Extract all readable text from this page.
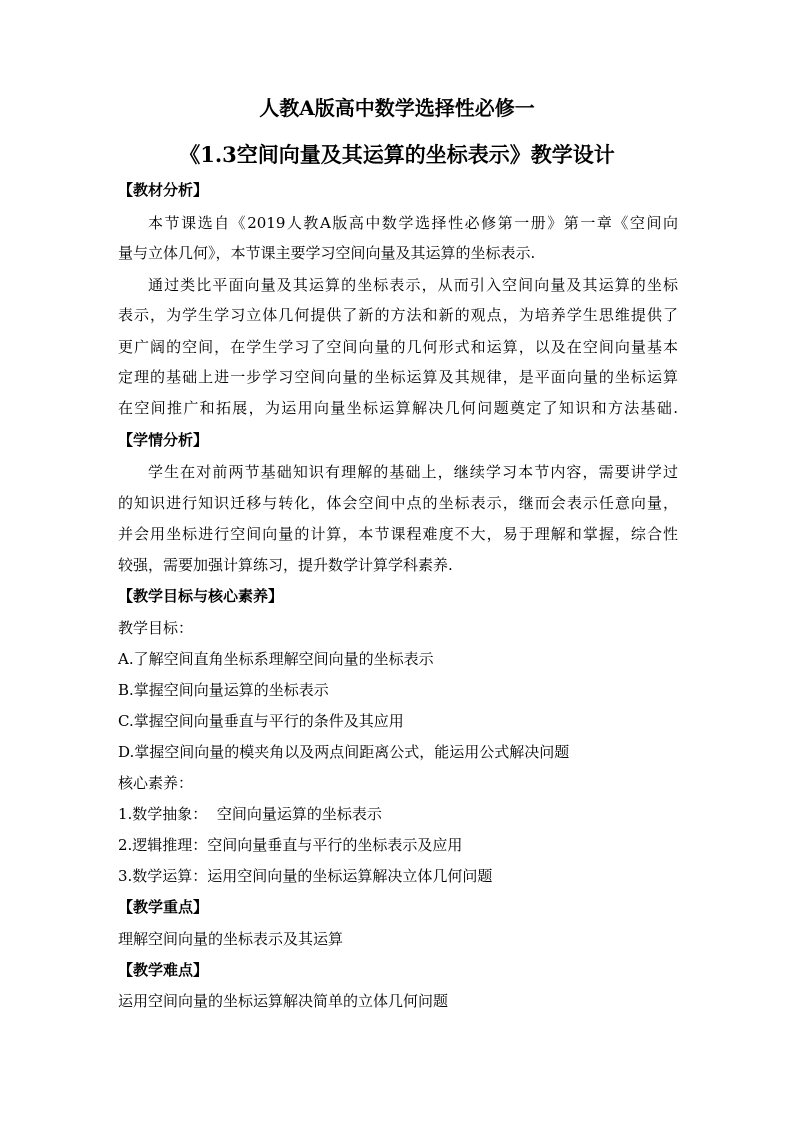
人教A版高中数学选择性必修一
《1.3空间向量及其运算的坐标表示》教学设计
【教材分析】
本节课选自《2019人教A版高中数学选择性必修第一册》第一章《空间向
量与立体几何》，本节课主要学习空间向量及其运算的坐标表示.
通过类比平面向量及其运算的坐标表示，从而引入空间向量及其运算的坐标
表示，为学生学习立体几何提供了新的方法和新的观点，为培养学生思维提供了
更广阔的空间，在学生学习了空间向量的几何形式和运算，以及在空间向量基本
定理的基础上进一步学习空间向量的坐标运算及其规律，是平面向量的坐标运算
在空间推广和拓展，为运用向量坐标运算解决几何问题奠定了知识和方法基础.
【学情分析】
学生在对前两节基础知识有理解的基础上，继续学习本节内容，需要讲学过
的知识进行知识迁移与转化，体会空间中点的坐标表示，继而会表示任意向量，
并会用坐标进行空间向量的计算，本节课程难度不大，易于理解和掌握，综合性
较强，需要加强计算练习，提升数学计算学科素养.
【教学目标与核心素养】
教学目标：
A.了解空间直角坐标系理解空间向量的坐标表示
B.掌握空间向量运算的坐标表示
C.掌握空间向量垂直与平行的条件及其应用
D.掌握空间向量的模夹角以及两点间距离公式，能运用公式解决问题
核心素养：
1.数学抽象：  空间向量运算的坐标表示
2.逻辑推理：空间向量垂直与平行的坐标表示及应用
3.数学运算：运用空间向量的坐标运算解决立体几何问题
【教学重点】
理解空间向量的坐标表示及其运算
【教学难点】
运用空间向量的坐标运算解决简单的立体几何问题
